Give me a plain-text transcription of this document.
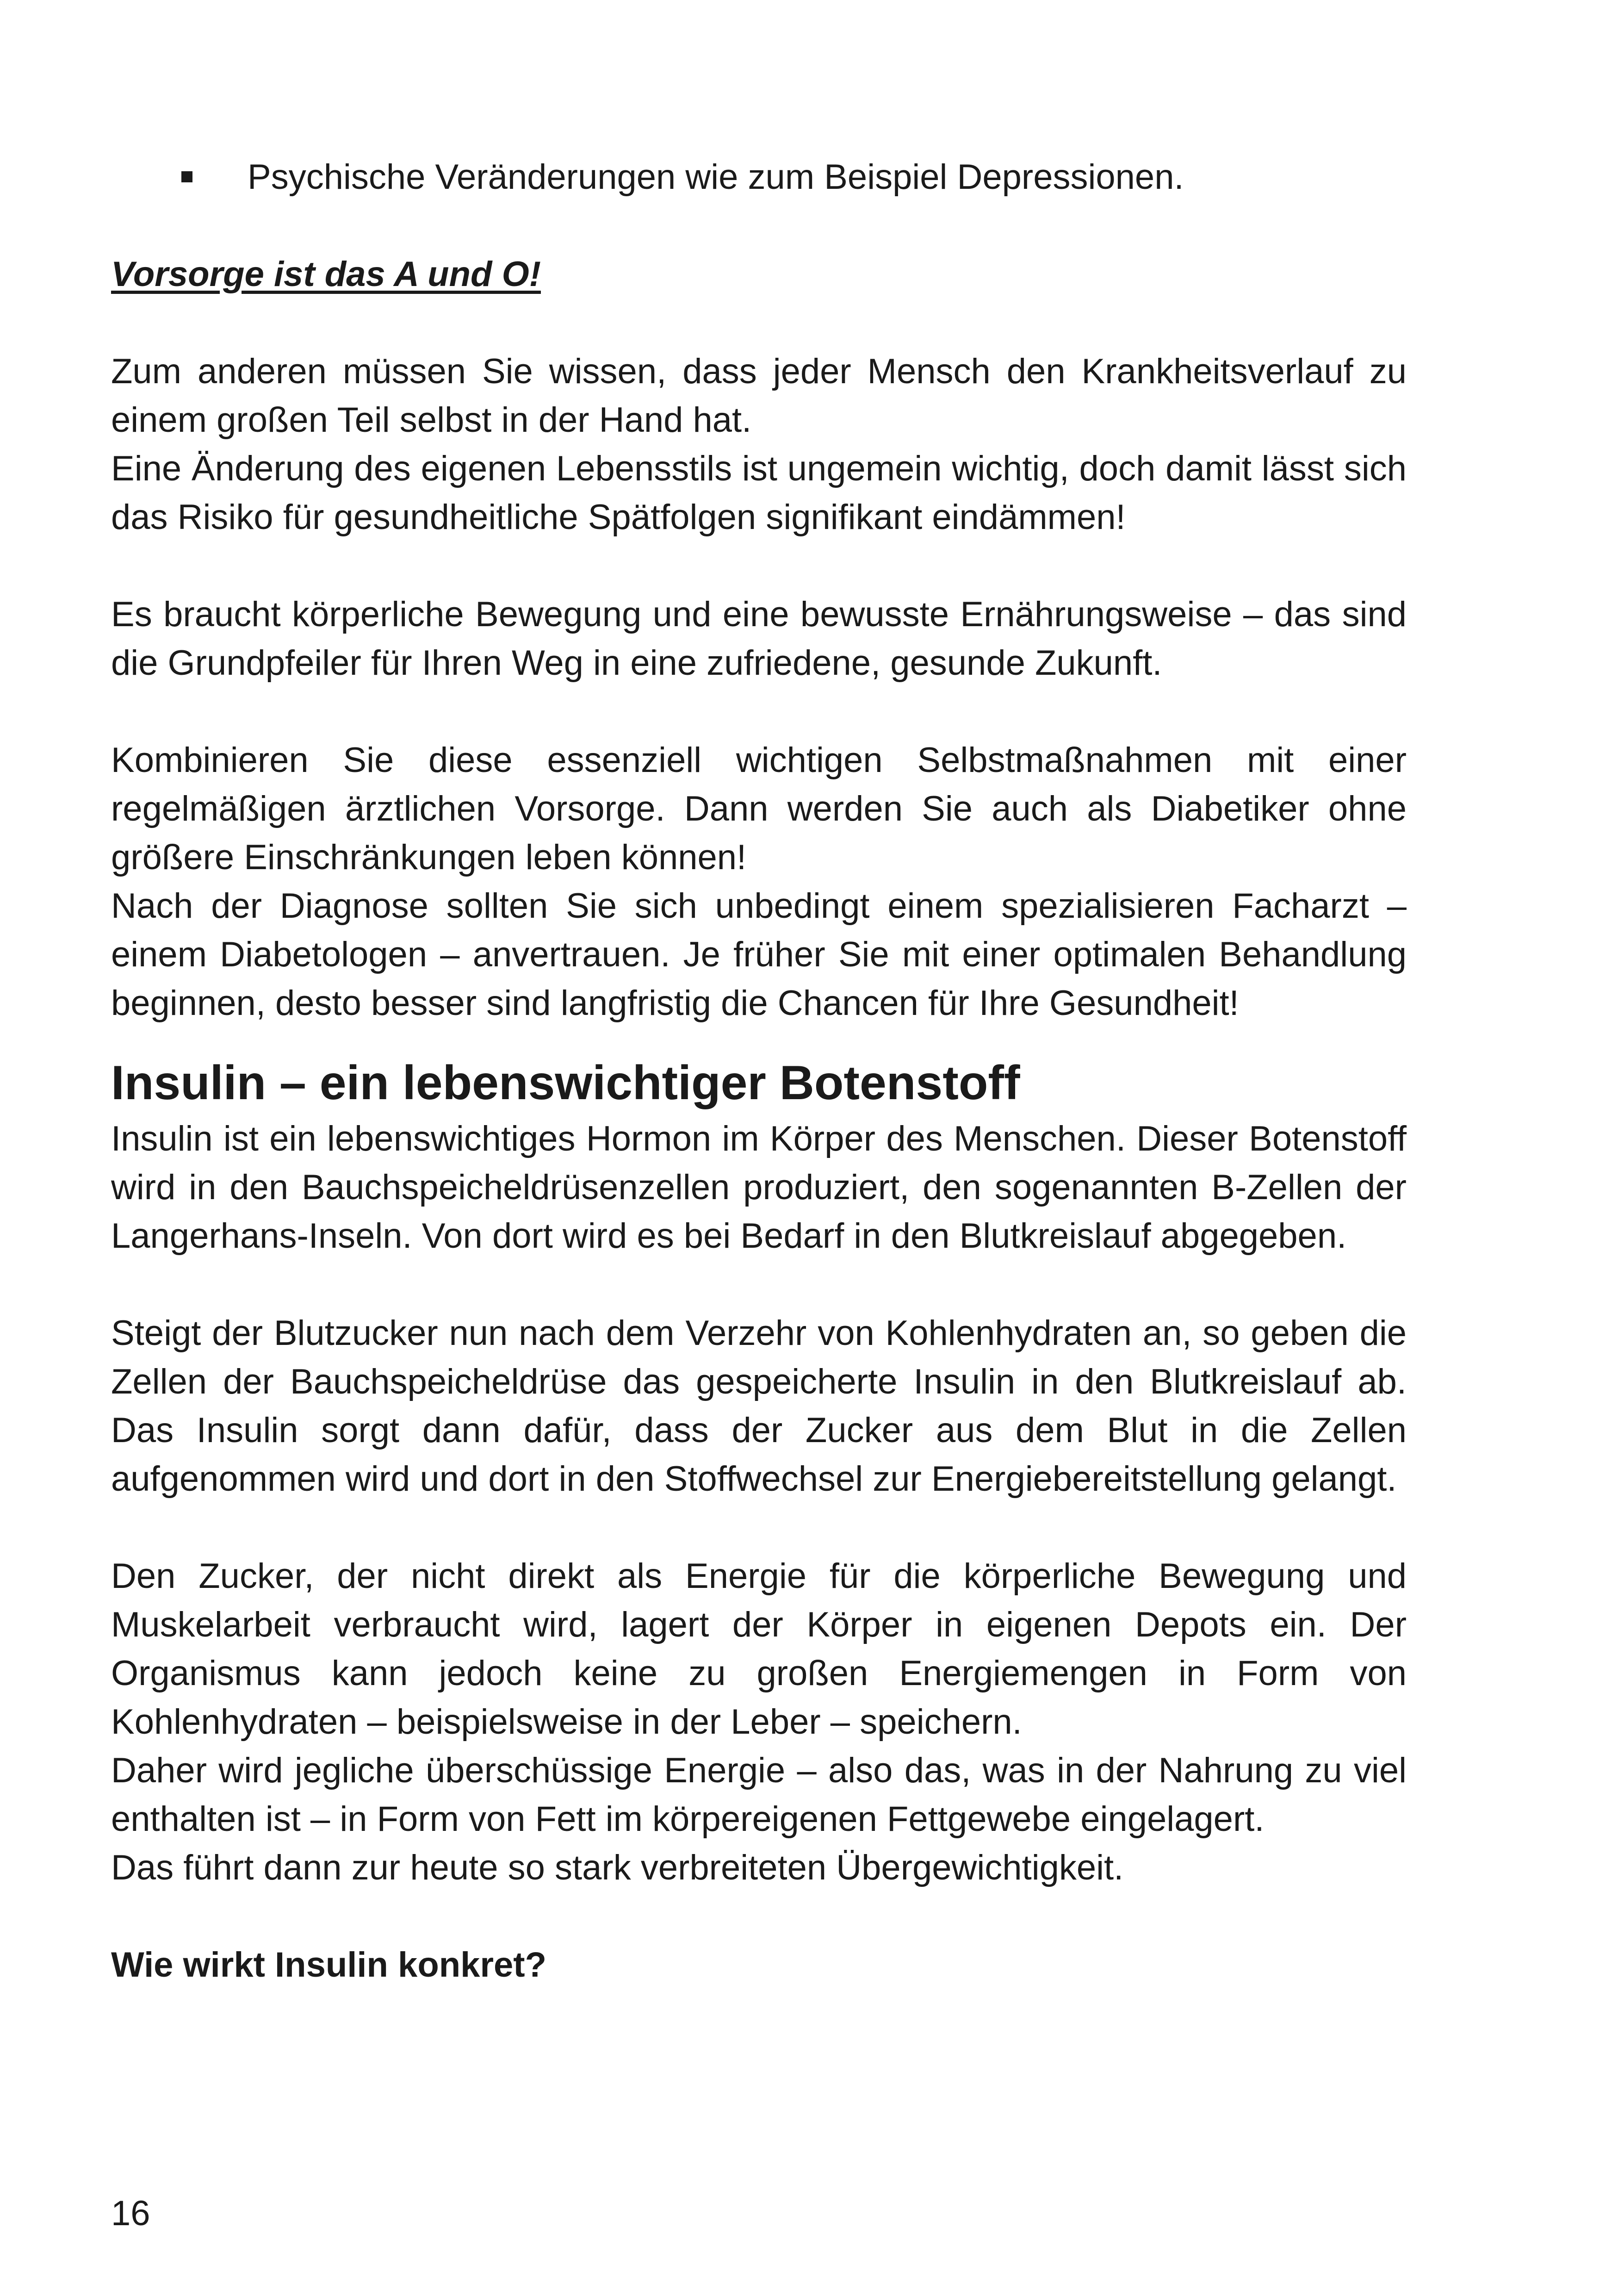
Psychische Veränderungen wie zum Beispiel Depressionen.

Vorsorge ist das A und O!

Zum anderen müssen Sie wissen, dass jeder Mensch den Krankheitsverlauf zu einem großen Teil selbst in der Hand hat.

Eine Änderung des eigenen Lebensstils ist ungemein wichtig, doch damit lässt sich das Risiko für gesundheitliche Spätfolgen signifikant eindämmen!

Es braucht körperliche Bewegung und eine bewusste Ernährungsweise – das sind die Grundpfeiler für Ihren Weg in eine zufriedene, gesunde Zukunft.

Kombinieren Sie diese essenziell wichtigen Selbstmaßnahmen mit einer regelmäßigen ärztlichen Vorsorge. Dann werden Sie auch als Diabetiker ohne größere Einschränkungen leben können!

Nach der Diagnose sollten Sie sich unbedingt einem spezialisieren Facharzt – einem Diabetologen – anvertrauen. Je früher Sie mit einer optimalen Behandlung beginnen, desto besser sind langfristig die Chancen für Ihre Gesundheit!

Insulin – ein lebenswichtiger Botenstoff

Insulin ist ein lebenswichtiges Hormon im Körper des Menschen. Dieser Botenstoff wird in den Bauchspeicheldrüsenzellen produziert, den sogenannten B-Zellen der Langerhans-Inseln. Von dort wird es bei Bedarf in den Blutkreislauf abgegeben.

Steigt der Blutzucker nun nach dem Verzehr von Kohlenhydraten an, so geben die Zellen der Bauchspeicheldrüse das gespeicherte Insulin in den Blutkreislauf ab. Das Insulin sorgt dann dafür, dass der Zucker aus dem Blut in die Zellen aufgenommen wird und dort in den Stoffwechsel zur Energiebereitstellung gelangt.

Den Zucker, der nicht direkt als Energie für die körperliche Bewegung und Muskelarbeit verbraucht wird, lagert der Körper in eigenen Depots ein. Der Organismus kann jedoch keine zu großen Energiemengen in Form von Kohlenhydraten – beispielsweise in der Leber – speichern.

Daher wird jegliche überschüssige Energie – also das, was in der Nahrung zu viel enthalten ist – in Form von Fett im körpereigenen Fettgewebe eingelagert.

Das führt dann zur heute so stark verbreiteten Übergewichtigkeit.

Wie wirkt Insulin konkret?

16
